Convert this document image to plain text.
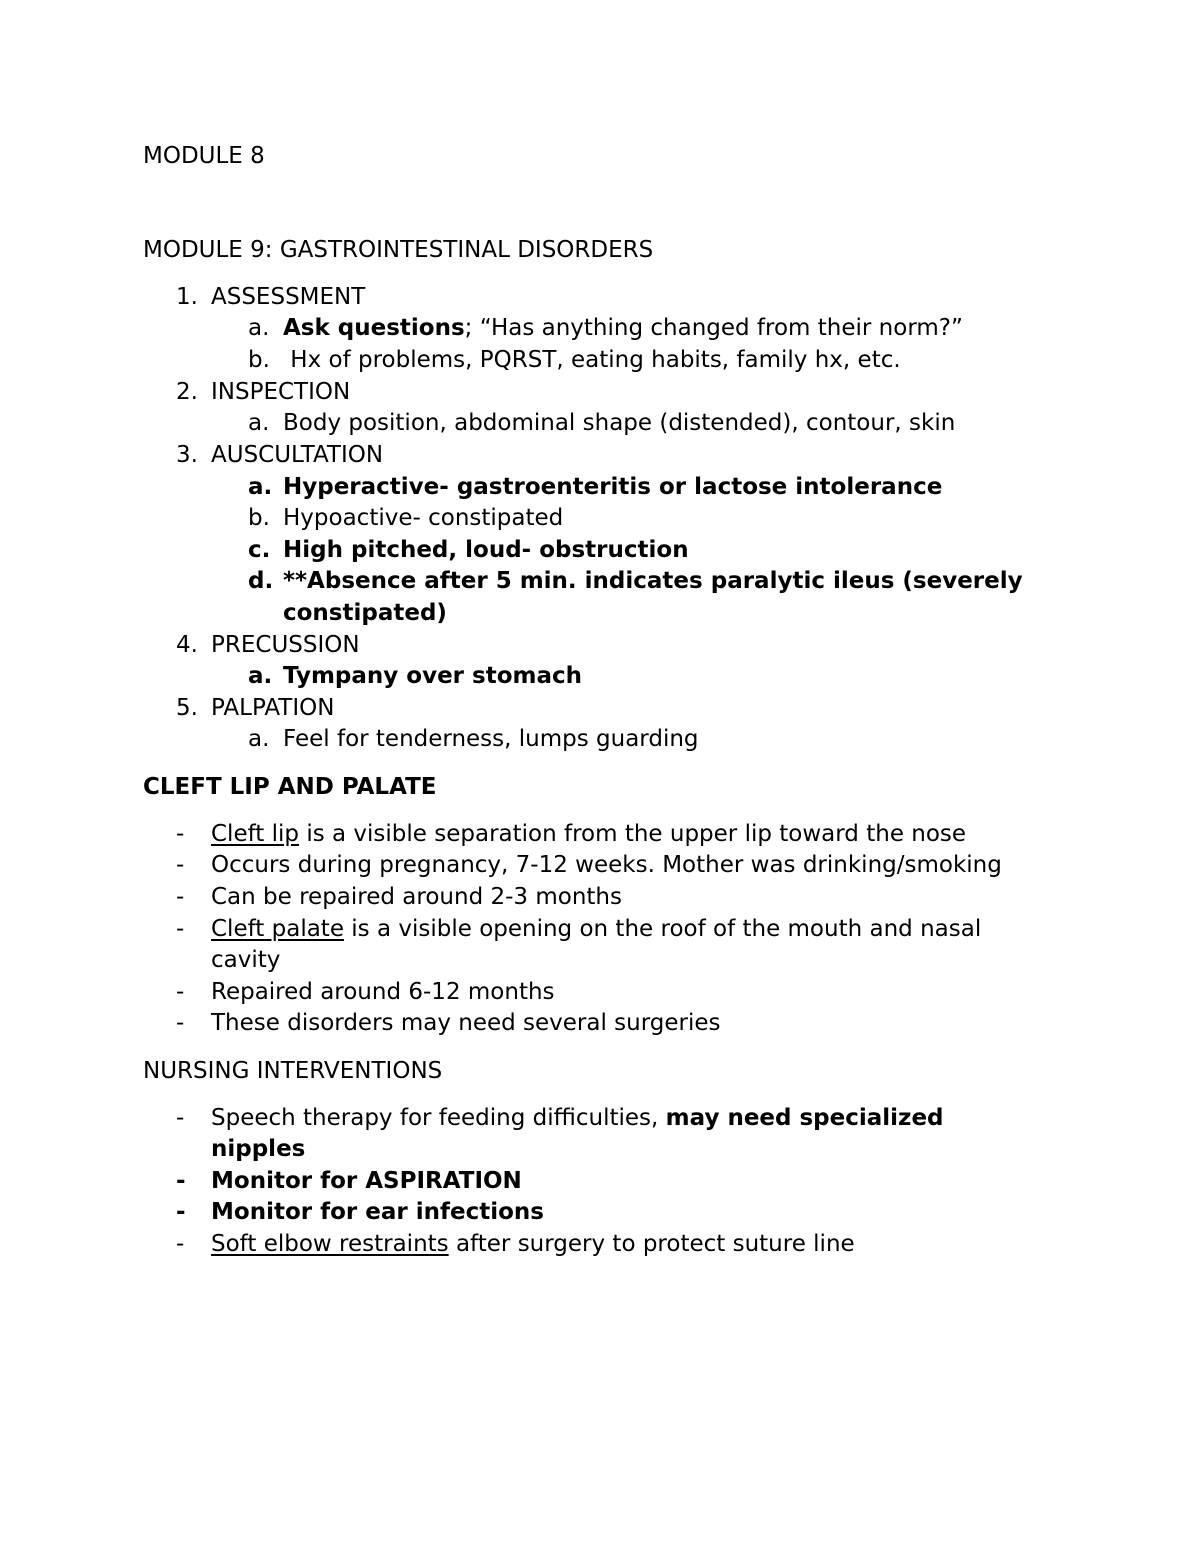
MODULE 8
MODULE 9: GASTROINTESTINAL DISORDERS
1. ASSESSMENT
a. Ask questions; “Has anything changed from their norm?”
b. Hx of problems, PQRST, eating habits, family hx, etc.
2. INSPECTION
a. Body position, abdominal shape (distended), contour, skin
3. AUSCULTATION
a. Hyperactive- gastroenteritis or lactose intolerance
b. Hypoactive- constipated
c. High pitched, loud- obstruction
d. **Absence after 5 min. indicates paralytic ileus (severely
constipated)
4. PRECUSSION
a. Tympany over stomach
5. PALPATION
a. Feel for tenderness, lumps guarding
CLEFT LIP AND PALATE
- Cleft lip is a visible separation from the upper lip toward the nose
- Occurs during pregnancy, 7-12 weeks. Mother was drinking/smoking
- Can be repaired around 2-3 months
- Cleft palate is a visible opening on the roof of the mouth and nasal
cavity
- Repaired around 6-12 months
- These disorders may need several surgeries
NURSING INTERVENTIONS
- Speech therapy for feeding difficulties, may need specialized
nipples
- Monitor for ASPIRATION
- Monitor for ear infections
- Soft elbow restraints after surgery to protect suture line
